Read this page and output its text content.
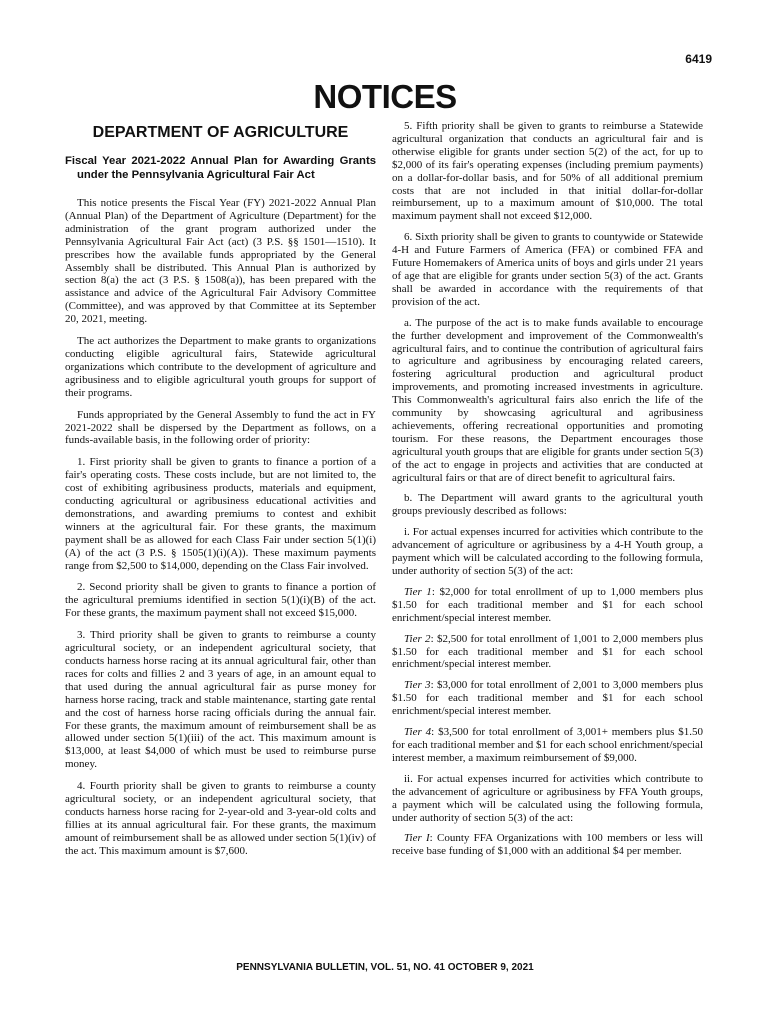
6419
NOTICES
DEPARTMENT OF AGRICULTURE
Fiscal Year 2021-2022 Annual Plan for Awarding Grants under the Pennsylvania Agricultural Fair Act

This notice presents the Fiscal Year (FY) 2021-2022 Annual Plan (Annual Plan) of the Department of Agriculture (Department) for the administration of the grant program authorized under the Pennsylvania Agricultural Fair Act (act) (3 P.S. §§ 1501—1510). It prescribes how the available funds appropriated by the General Assembly shall be distributed. This Annual Plan is authorized by section 8(a) the act (3 P.S. § 1508(a)), has been prepared with the assistance and advice of the Agricultural Fair Advisory Committee (Committee), and was approved by that Committee at its September 20, 2021, meeting.

The act authorizes the Department to make grants to organizations conducting eligible agricultural fairs, Statewide agricultural organizations which contribute to the development of agriculture and agribusiness and to eligible agricultural youth groups for support of their programs.

Funds appropriated by the General Assembly to fund the act in FY 2021-2022 shall be dispersed by the Department as follows, on a funds-available basis, in the following order of priority:

1. First priority shall be given to grants to finance a portion of a fair's operating costs. These costs include, but are not limited to, the cost of exhibiting agribusiness products, materials and equipment, conducting agricultural or agribusiness educational activities and demonstrations, and awarding premiums to contest and exhibit winners at the agricultural fair. For these grants, the maximum payment shall be as allowed for each Class Fair under section 5(1)(i)(A) of the act (3 P.S. § 1505(1)(i)(A)). These maximum payments range from $2,500 to $14,000, depending on the Class Fair involved.

2. Second priority shall be given to grants to finance a portion of the agricultural premiums identified in section 5(1)(i)(B) of the act. For these grants, the maximum payment shall not exceed $15,000.

3. Third priority shall be given to grants to reimburse a county agricultural society, or an independent agricultural society, that conducts harness horse racing at its annual agricultural fair, other than races for colts and fillies 2 and 3 years of age, in an amount equal to that used during the annual agricultural fair as purse money for harness horse racing, track and stable maintenance, starting gate rental and the cost of harness horse racing officials during the annual fair. For these grants, the maximum amount of reimbursement shall be as allowed under section 5(1)(iii) of the act. This maximum amount is $13,000, at least $4,000 of which must be used to reimburse purse money.

4. Fourth priority shall be given to grants to reimburse a county agricultural society, or an independent agricultural society, that conducts harness horse racing for 2-year-old and 3-year-old colts and fillies at its annual agricultural fair. For these grants, the maximum amount of reimbursement shall be as allowed under section 5(1)(iv) of the act. This maximum amount is $7,600.

5. Fifth priority shall be given to grants to reimburse a Statewide agricultural organization that conducts an agricultural fair and is otherwise eligible for grants under section 5(2) of the act, for up to $2,000 of its fair's operating expenses (including premium payments) on a dollar-for-dollar basis, and for 50% of all additional premium costs that are not included in that initial dollar-for-dollar reimbursement, up to a maximum amount of $10,000. The total maximum payment shall not exceed $12,000.

6. Sixth priority shall be given to grants to countywide or Statewide 4-H and Future Farmers of America (FFA) or combined FFA and Future Homemakers of America units of boys and girls under 21 years of age that are eligible for grants under section 5(3) of the act. Grants shall be awarded in accordance with the requirements of that provision of the act.

a. The purpose of the act is to make funds available to encourage the further development and improvement of the Commonwealth's agricultural fairs, and to continue the contribution of agricultural fairs to agriculture and agribusiness by encouraging related careers, fostering agricultural production and agricultural product improvements, and promoting increased investments in agriculture. This Commonwealth's agricultural fairs also enrich the life of the community by showcasing agricultural and agribusiness achievements, offering recreational opportunities and promoting tourism. For these reasons, the Department encourages those agricultural youth groups that are eligible for grants under section 5(3) of the act to engage in projects and activities that are conducted at agricultural fairs or that are of direct benefit to agricultural fairs.

b. The Department will award grants to the agricultural youth groups previously described as follows:

i. For actual expenses incurred for activities which contribute to the advancement of agriculture or agribusiness by a 4-H Youth group, a payment which will be calculated according to the following formula, under authority of section 5(3) of the act:

Tier 1: $2,000 for total enrollment of up to 1,000 members plus $1.50 for each traditional member and $1 for each school enrichment/special interest member.

Tier 2: $2,500 for total enrollment of 1,001 to 2,000 members plus $1.50 for each traditional member and $1 for each school enrichment/special interest member.

Tier 3: $3,000 for total enrollment of 2,001 to 3,000 members plus $1.50 for each traditional member and $1 for each school enrichment/special interest member.

Tier 4: $3,500 for total enrollment of 3,001+ members plus $1.50 for each traditional member and $1 for each school enrichment/special interest member, a maximum reimbursement of $9,000.

ii. For actual expenses incurred for activities which contribute to the advancement of agriculture or agribusiness by FFA Youth groups, a payment which will be calculated using the following formula, under authority of section 5(3) of the act:

Tier I: County FFA Organizations with 100 members or less will receive base funding of $1,000 with an additional $4 per member.

PENNSYLVANIA BULLETIN, VOL. 51, NO. 41 OCTOBER 9, 2021
